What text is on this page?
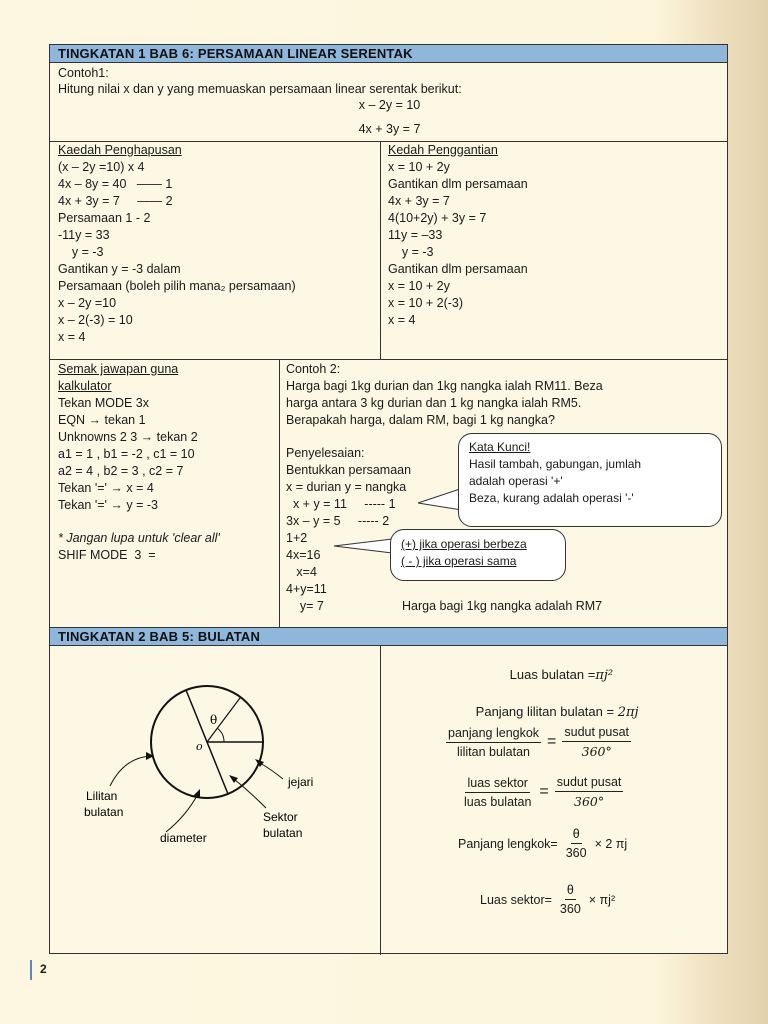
TINGKATAN 1 BAB 6: PERSAMAAN LINEAR SERENTAK
Contoh1:
Hitung nilai x dan y yang memuaskan persamaan linear serentak berikut:
x – 2y = 10
4x + 3y = 7
Kaedah Penghapusan
(x – 2y =10) x 4
4x – 8y = 40   ―― 1
4x + 3y = 7     ―― 2
Persamaan 1 - 2
-11y = 33
y = -3
Gantikan y = -3 dalam
Persamaan (boleh pilih mana₂ persamaan)
x – 2y =10
x – 2(-3) = 10
x = 4
Kedah Penggantian
x = 10 + 2y
Gantikan dlm persamaan
4x + 3y = 7
4(10+2y) + 3y = 7
11y = –33
y = -3
Gantikan dlm persamaan
x = 10 + 2y
x = 10 + 2(-3)
x = 4
Semak jawapan guna
kalkulator
Tekan MODE 3x
EQN → tekan 1
Unknowns 2 3 → tekan 2
a1 = 1 , b1 = -2 , c1 = 10
a2 = 4 , b2 = 3 , c2 = 7
Tekan '=' → x = 4
Tekan '=' → y = -3
* Jangan lupa untuk 'clear all'
SHIF MODE  3  =
Contoh 2:
Harga bagi 1kg durian dan 1kg nangka ialah RM11. Beza
harga antara 3 kg durian dan 1 kg nangka ialah RM5.
Berapakah harga, dalam RM, bagi 1 kg nangka?
Penyelesaian:
Bentukkan persamaan
x = durian y = nangka
x + y = 11     ----- 1
3x – y = 5     ----- 2
1+2
4x=16
x=4
4+y=11
y= 7	Harga bagi 1kg nangka adalah RM7
Kata Kunci!
Hasil tambah, gabungan, jumlah
adalah operasi '+'
Beza, kurang adalah operasi '-'
(+) jika operasi berbeza
( - ) jika operasi sama
TINGKATAN 2 BAB 5: BULATAN
θ
o
jejari
Lilitan
bulatan
diameter
Sektor
bulatan

Luas bulatan =πj²

Panjang lilitan bulatan = 2πj

$\frac{\text{panjang lengkok}}{\text{lilitan bulatan}} = \frac{\text{sudut pusat}}{360^\circ}$
$\frac{\text{luas sektor}}{\text{luas bulatan}} = \frac{\text{sudut pusat}}{360^\circ}$
Panjang lengkok= $\frac{\theta}{360} \times 2$ πj
Luas sektor= $\frac{\theta}{360} \times \pi j^2$
2
